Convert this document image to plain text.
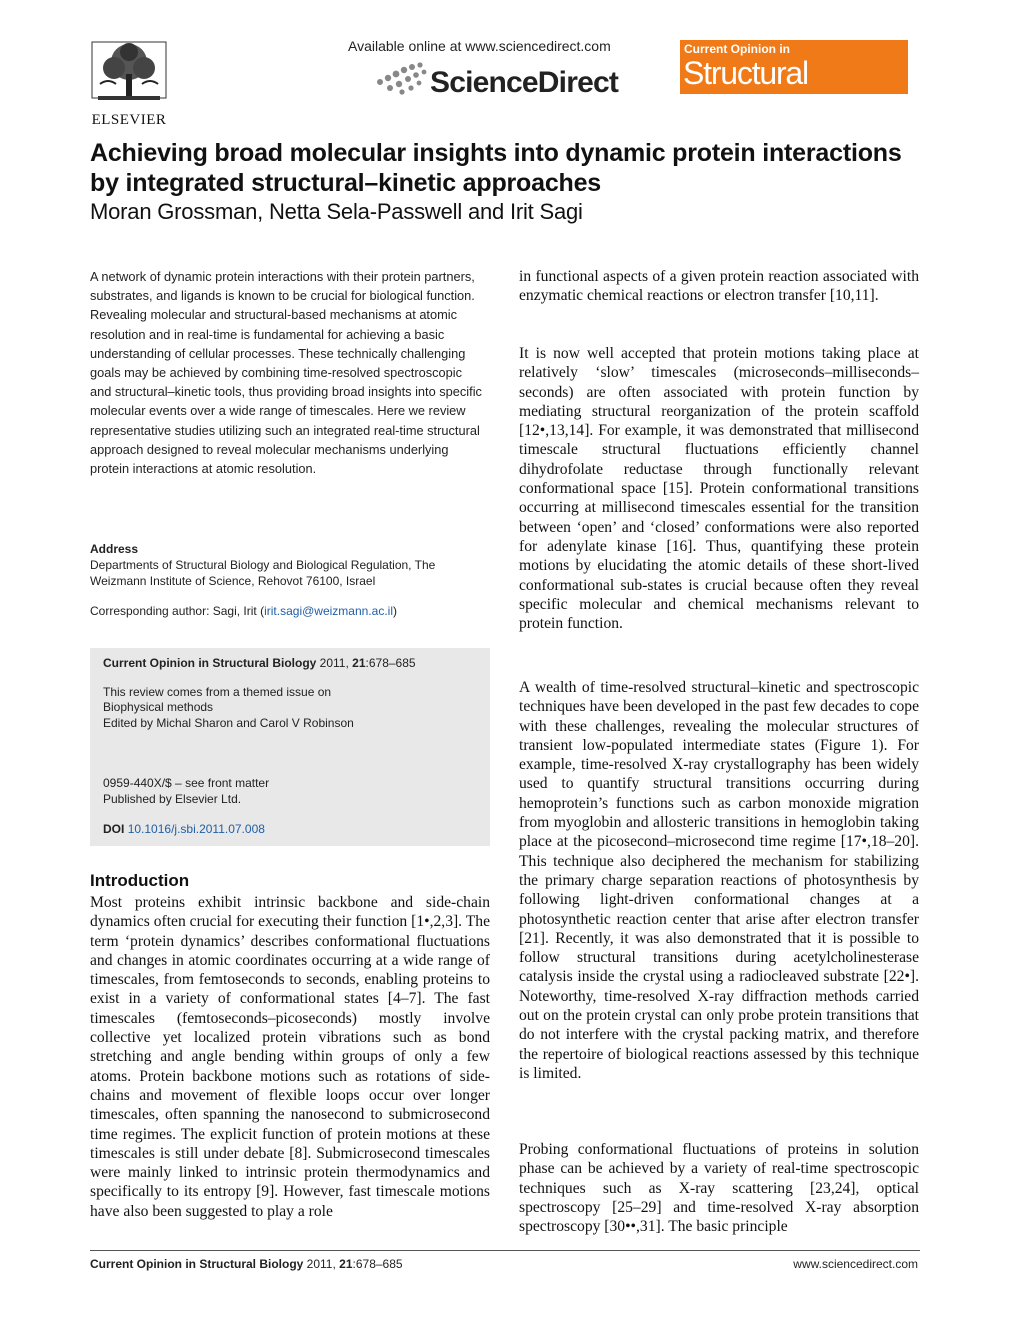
ELSEVIER
Available online at www.sciencedirect.com
ScienceDirect
Current Opinion in
Structural Biology
Achieving broad molecular insights into dynamic protein interactions by integrated structural–kinetic approaches
Moran Grossman, Netta Sela-Passwell and Irit Sagi
A network of dynamic protein interactions with their protein partners, substrates, and ligands is known to be crucial for biological function. Revealing molecular and structural-based mechanisms at atomic resolution and in real-time is fundamental for achieving a basic understanding of cellular processes. These technically challenging goals may be achieved by combining time-resolved spectroscopic and structural–kinetic tools, thus providing broad insights into specific molecular events over a wide range of timescales. Here we review representative studies utilizing such an integrated real-time structural approach designed to reveal molecular mechanisms underlying protein interactions at atomic resolution.
Address
Departments of Structural Biology and Biological Regulation, The Weizmann Institute of Science, Rehovot 76100, Israel
Corresponding author: Sagi, Irit (irit.sagi@weizmann.ac.il)
Current Opinion in Structural Biology 2011, 21:678–685
This review comes from a themed issue on
Biophysical methods
Edited by Michal Sharon and Carol V Robinson
0959-440X/$ – see front matter
Published by Elsevier Ltd.
DOI 10.1016/j.sbi.2011.07.008
Introduction
Most proteins exhibit intrinsic backbone and side-chain dynamics often crucial for executing their function [1•,2,3]. The term ‘protein dynamics’ describes conformational fluctuations and changes in atomic coordinates occurring at a wide range of timescales, from femtoseconds to seconds, enabling proteins to exist in a variety of conformational states [4–7]. The fast timescales (femtoseconds–picoseconds) mostly involve collective yet localized protein vibrations such as bond stretching and angle bending within groups of only a few atoms. Protein backbone motions such as rotations of side-chains and movement of flexible loops occur over longer timescales, often spanning the nanosecond to submicrosecond time regimes. The explicit function of protein motions at these timescales is still under debate [8]. Submicrosecond timescales were mainly linked to intrinsic protein thermodynamics and specifically to its entropy [9]. However, fast timescale motions have also been suggested to play a role
in functional aspects of a given protein reaction associated with enzymatic chemical reactions or electron transfer [10,11].
It is now well accepted that protein motions taking place at relatively ‘slow’ timescales (microseconds–milliseconds–seconds) are often associated with protein function by mediating structural reorganization of the protein scaffold [12•,13,14]. For example, it was demonstrated that millisecond timescale structural fluctuations efficiently channel dihydrofolate reductase through functionally relevant conformational space [15]. Protein conformational transitions occurring at millisecond timescales essential for the transition between ‘open’ and ‘closed’ conformations were also reported for adenylate kinase [16]. Thus, quantifying these protein motions by elucidating the atomic details of these short-lived conformational sub-states is crucial because often they reveal specific molecular and chemical mechanisms relevant to protein function.
A wealth of time-resolved structural–kinetic and spectroscopic techniques have been developed in the past few decades to cope with these challenges, revealing the molecular structures of transient low-populated intermediate states (Figure 1). For example, time-resolved X-ray crystallography has been widely used to quantify structural transitions occurring during hemoprotein’s functions such as carbon monoxide migration from myoglobin and allosteric transitions in hemoglobin taking place at the picosecond–microsecond time regime [17•,18–20]. This technique also deciphered the mechanism for stabilizing the primary charge separation reactions of photosynthesis by following light-driven conformational changes at a photosynthetic reaction center that arise after electron transfer [21]. Recently, it was also demonstrated that it is possible to follow structural transitions during acetylcholinesterase catalysis inside the crystal using a radiocleaved substrate [22•]. Noteworthy, time-resolved X-ray diffraction methods carried out on the protein crystal can only probe protein transitions that do not interfere with the crystal packing matrix, and therefore the repertoire of biological reactions assessed by this technique is limited.
Probing conformational fluctuations of proteins in solution phase can be achieved by a variety of real-time spectroscopic techniques such as X-ray scattering [23,24], optical spectroscopy [25–29] and time-resolved X-ray absorption spectroscopy [30••,31]. The basic principle
Current Opinion in Structural Biology 2011, 21:678–685	www.sciencedirect.com
